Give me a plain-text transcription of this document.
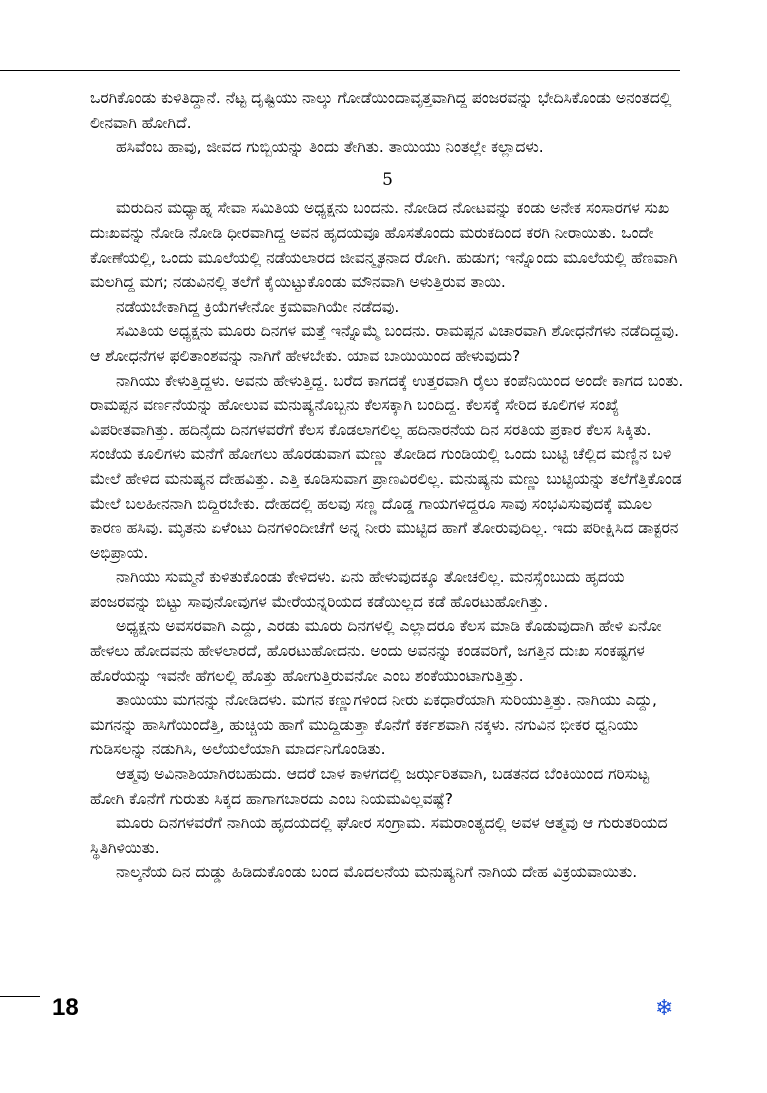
ಒರಗಿಕೊಂಡು ಕುಳಿತಿದ್ದಾನೆ. ನೆಟ್ಟ ದೃಷ್ಟಿಯು ನಾಲ್ಕು ಗೋಡೆಯಿಂದಾವೃತ್ತವಾಗಿದ್ದ ಪಂಜರವನ್ನು ಭೇದಿಸಿಕೊಂಡು ಅನಂತದಲ್ಲಿ ಲೀನವಾಗಿ ಹೋಗಿದೆ.

ಹಸಿವೆಂಬ ಹಾವು, ಜೀವದ ಗುಬ್ಬಿಯನ್ನು ತಿಂದು ತೇಗಿತು. ತಾಯಿಯು ನಿಂತಲ್ಲೇ ಕಲ್ಲಾದಳು.

5

ಮರುದಿನ ಮಧ್ಯಾಹ್ನ ಸೇವಾ ಸಮಿತಿಯ ಅಧ್ಯಕ್ಷನು ಬಂದನು. ನೋಡಿದ ನೋಟವನ್ನು ಕಂಡು ಅನೇಕ ಸಂಸಾರಗಳ ಸುಖ ದುಃಖವನ್ನು ನೋಡಿ ನೋಡಿ ಧೀರವಾಗಿದ್ದ ಅವನ ಹೃದಯವೂ ಹೊಸತೊಂದು ಮರುಕದಿಂದ ಕರಗಿ ನೀರಾಯಿತು. ಒಂದೇ ಕೋಣೆಯಲ್ಲಿ, ಒಂದು ಮೂಲೆಯಲ್ಲಿ ನಡೆಯಲಾರದ ಜೀವನ್ಮೃತನಾದ ರೋಗಿ. ಹುಡುಗ; ಇನ್ನೊಂದು ಮೂಲೆಯಲ್ಲಿ ಹೆಣವಾಗಿ ಮಲಗಿದ್ದ ಮಗ; ನಡುವಿನಲ್ಲಿ ತಲೆಗೆ ಕೈಯಿಟ್ಟುಕೊಂಡು ಮೌನವಾಗಿ ಅಳುತ್ತಿರುವ ತಾಯಿ.

ನಡೆಯಬೇಕಾಗಿದ್ದ ಕ್ರಿಯೆಗಳೇನೋ ಕ್ರಮವಾಗಿಯೇ ನಡೆದವು.

ಸಮಿತಿಯ ಅಧ್ಯಕ್ಷನು ಮೂರು ದಿನಗಳ ಮತ್ತೆ ಇನ್ನೊಮ್ಮೆ ಬಂದನು. ರಾಮಪ್ಪನ ವಿಚಾರವಾಗಿ ಶೋಧನೆಗಳು ನಡೆದಿದ್ದವು. ಆ ಶೋಧನೆಗಳ ಫಲಿತಾಂಶವನ್ನು ನಾಗಿಗೆ ಹೇಳಬೇಕು. ಯಾವ ಬಾಯಿಯಿಂದ ಹೇಳುವುದು?

ನಾಗಿಯು ಕೇಳುತ್ತಿದ್ದಳು. ಅವನು ಹೇಳುತ್ತಿದ್ದ. ಬರೆದ ಕಾಗದಕ್ಕೆ ಉತ್ತರವಾಗಿ ರೈಲು ಕಂಪೆನಿಯಿಂದ ಅಂದೇ ಕಾಗದ ಬಂತು. ರಾಮಪ್ಪನ ವರ್ಣನೆಯನ್ನು ಹೋಲುವ ಮನುಷ್ಯನೊಬ್ಬನು ಕೆಲಸಕ್ಕಾಗಿ ಬಂದಿದ್ದ. ಕೆಲಸಕ್ಕೆ ಸೇರಿದ ಕೂಲಿಗಳ ಸಂಖ್ಯೆ ವಿಪರೀತವಾಗಿತ್ತು. ಹದಿನೈದು ದಿನಗಳವರೆಗೆ ಕೆಲಸ ಕೊಡಲಾಗಲಿಲ್ಲ ಹದಿನಾರನೆಯ ದಿನ ಸರತಿಯ ಪ್ರಕಾರ ಕೆಲಸ ಸಿಕ್ಕಿತು. ಸಂಜೆಯ ಕೂಲಿಗಳು ಮನೆಗೆ ಹೋಗಲು ಹೊರಡುವಾಗ ಮಣ್ಣು ತೋಡಿದ ಗುಂಡಿಯಲ್ಲಿ ಒಂದು ಬುಟ್ಟಿ ಚೆಲ್ಲಿದ ಮಣ್ಣಿನ ಬಳಿ ಮೇಲೆ ಹೇಳಿದ ಮನುಷ್ಯನ ದೇಹವಿತ್ತು. ಎತ್ತಿ ಕೂಡಿಸುವಾಗ ಪ್ರಾಣವಿರಲಿಲ್ಲ. ಮನುಷ್ಯನು ಮಣ್ಣು ಬುಟ್ಟಿಯನ್ನು ತಲೆಗೆತ್ತಿಕೊಂಡ ಮೇಲೆ ಬಲಹೀನನಾಗಿ ಬಿದ್ದಿರಬೇಕು. ದೇಹದಲ್ಲಿ ಹಲವು ಸಣ್ಣ ದೊಡ್ಡ ಗಾಯಗಳಿದ್ದರೂ ಸಾವು ಸಂಭವಿಸುವುದಕ್ಕೆ ಮೂಲ ಕಾರಣ ಹಸಿವು. ಮೃತನು ಏಳೆಂಟು ದಿನಗಳಿಂದೀಚೆಗೆ ಅನ್ನ ನೀರು ಮುಟ್ಟಿದ ಹಾಗೆ ತೋರುವುದಿಲ್ಲ. ಇದು ಪರೀಕ್ಷಿಸಿದ ಡಾಕ್ಟರನ ಅಭಿಪ್ರಾಯ.

ನಾಗಿಯು ಸುಮ್ಮನೆ ಕುಳಿತುಕೊಂಡು ಕೇಳಿದಳು. ಏನು ಹೇಳುವುದಕ್ಕೂ ತೋಚಲಿಲ್ಲ. ಮನಸ್ಸೆಂಬುದು ಹೃದಯ ಪಂಜರವನ್ನು ಬಿಟ್ಟು ಸಾವುನೋವುಗಳ ಮೇರೆಯನ್ನರಿಯದ ಕಡೆಯಿಲ್ಲದ ಕಡೆ ಹೊರಟುಹೋಗಿತ್ತು.

ಅಧ್ಯಕ್ಷನು ಅವಸರವಾಗಿ ಎದ್ದು, ಎರಡು ಮೂರು ದಿನಗಳಲ್ಲಿ ಎಲ್ಲಾದರೂ ಕೆಲಸ ಮಾಡಿ ಕೊಡುವುದಾಗಿ ಹೇಳಿ ಏನೋ ಹೇಳಲು ಹೋದವನು ಹೇಳಲಾರದೆ, ಹೊರಟುಹೋದನು. ಅಂದು ಅವನನ್ನು ಕಂಡವರಿಗೆ, ಜಗತ್ತಿನ ದುಃಖ ಸಂಕಷ್ಟಗಳ ಹೊರೆಯನ್ನು ಇವನೇ ಹೆಗಲಲ್ಲಿ ಹೊತ್ತು ಹೋಗುತ್ತಿರುವನೋ ಎಂಬ ಶಂಕೆಯುಂಟಾಗುತ್ತಿತ್ತು.

ತಾಯಿಯು ಮಗನನ್ನು ನೋಡಿದಳು. ಮಗನ ಕಣ್ಣುಗಳಿಂದ ನೀರು ಏಕಧಾರೆಯಾಗಿ ಸುರಿಯುತ್ತಿತ್ತು. ನಾಗಿಯು ಎದ್ದು, ಮಗನನ್ನು ಹಾಸಿಗೆಯಿಂದೆತ್ತಿ, ಹುಚ್ಚಿಯ ಹಾಗೆ ಮುದ್ದಿಡುತ್ತಾ ಕೊನೆಗೆ ಕರ್ಕಶವಾಗಿ ನಕ್ಕಳು. ನಗುವಿನ ಭೀಕರ ಧ್ವನಿಯು ಗುಡಿಸಲನ್ನು ನಡುಗಿಸಿ, ಅಲೆಯಲೆಯಾಗಿ ಮಾರ್ದನಿಗೊಂಡಿತು.

ಆತ್ಮವು ಅವಿನಾಶಿಯಾಗಿರಬಹುದು. ಆದರೆ ಬಾಳ ಕಾಳಗದಲ್ಲಿ ಜರ್ಝರಿತವಾಗಿ, ಬಡತನದ ಬೆಂಕಿಯಿಂದ ಗರಿಸುಟ್ಟ ಹೋಗಿ ಕೊನೆಗೆ ಗುರುತು ಸಿಕ್ಕದ ಹಾಗಾಗಬಾರದು ಎಂಬ ನಿಯಮವಿಲ್ಲವಷ್ಟೆ?

ಮೂರು ದಿನಗಳವರೆಗೆ ನಾಗಿಯ ಹೃದಯದಲ್ಲಿ ಘೋರ ಸಂಗ್ರಾಮ. ಸಮರಾಂತ್ಯದಲ್ಲಿ ಅವಳ ಆತ್ಮವು ಆ ಗುರುತರಿಯದ ಸ್ಥಿತಿಗಿಳಿಯಿತು.

ನಾಲ್ಕನೆಯ ದಿನ ದುಡ್ಡು ಹಿಡಿದುಕೊಂಡು ಬಂದ ಮೊದಲನೆಯ ಮನುಷ್ಯನಿಗೆ ನಾಗಿಯ ದೇಹ ವಿಕ್ರಯವಾಯಿತು.

18	❄
